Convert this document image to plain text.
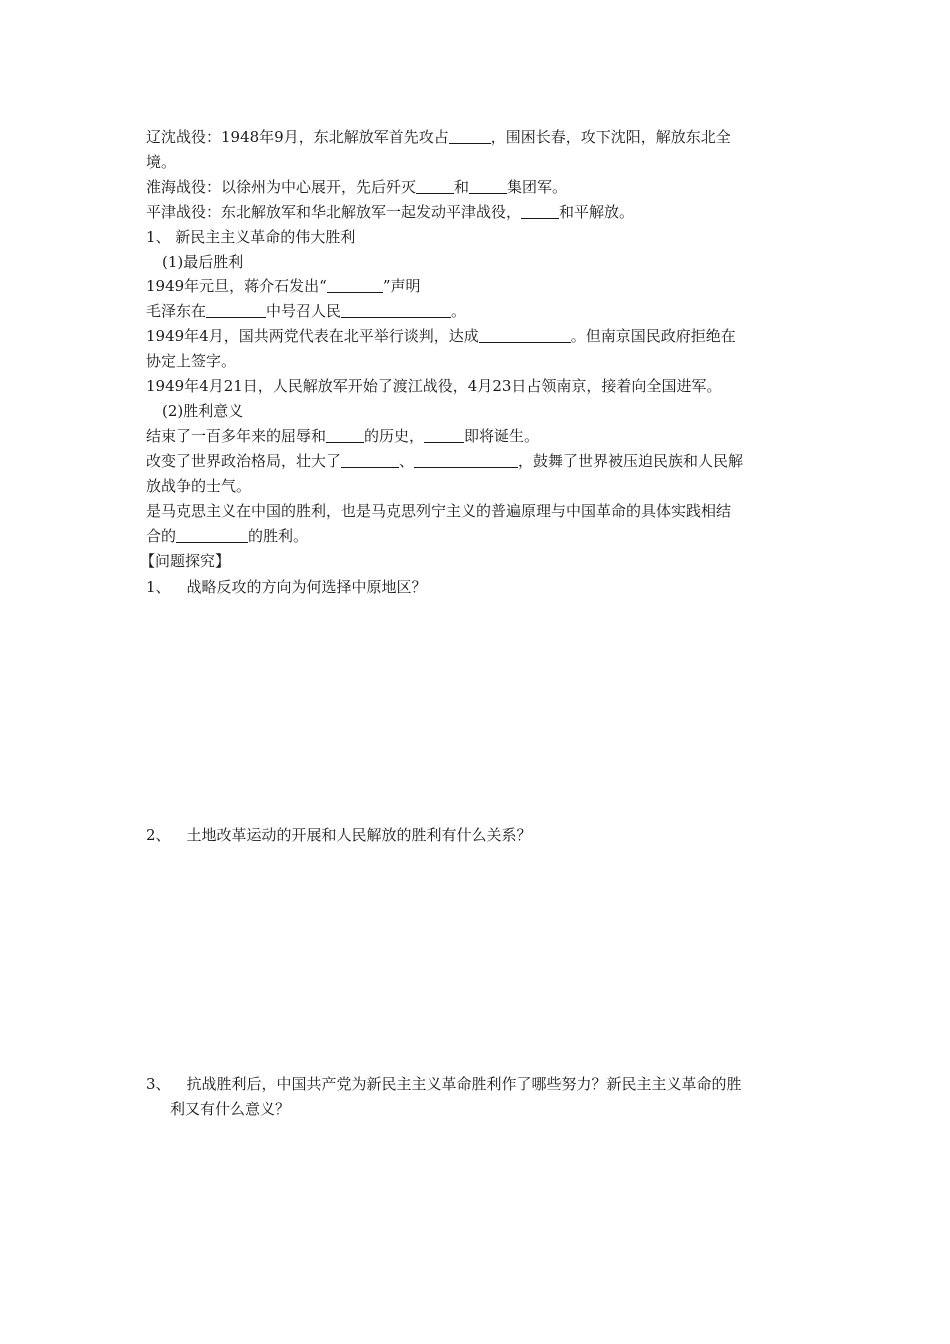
辽沈战役：1948年9月，东北解放军首先攻占	，围困长春，攻下沈阳，解放东北全
境。
淮海战役：以徐州为中心展开，先后歼灭	和	集团军。
平津战役：东北解放军和华北解放军一起发动平津战役，	和平解放。
1、 新民主主义革命的伟大胜利
(1)最后胜利
1949年元旦，蒋介石发出“	”声明
毛泽东在	中号召人民	。
1949年4月，国共两党代表在北平举行谈判，达成	。但南京国民政府拒绝在
协定上签字。
1949年4月21日，人民解放军开始了渡江战役，4月23日占领南京，接着向全国进军。
(2)胜利意义
结束了一百多年来的屈辱和	的历史，	即将诞生。
改变了世界政治格局，壮大了	、	，鼓舞了世界被压迫民族和人民解
放战争的士气。
是马克思主义在中国的胜利，也是马克思列宁主义的普遍原理与中国革命的具体实践相结
合的	的胜利。
【问题探究】
1、 战略反攻的方向为何选择中原地区？
2、 土地改革运动的开展和人民解放的胜利有什么关系？
3、 抗战胜利后，中国共产党为新民主主义革命胜利作了哪些努力？新民主主义革命的胜
利又有什么意义？
